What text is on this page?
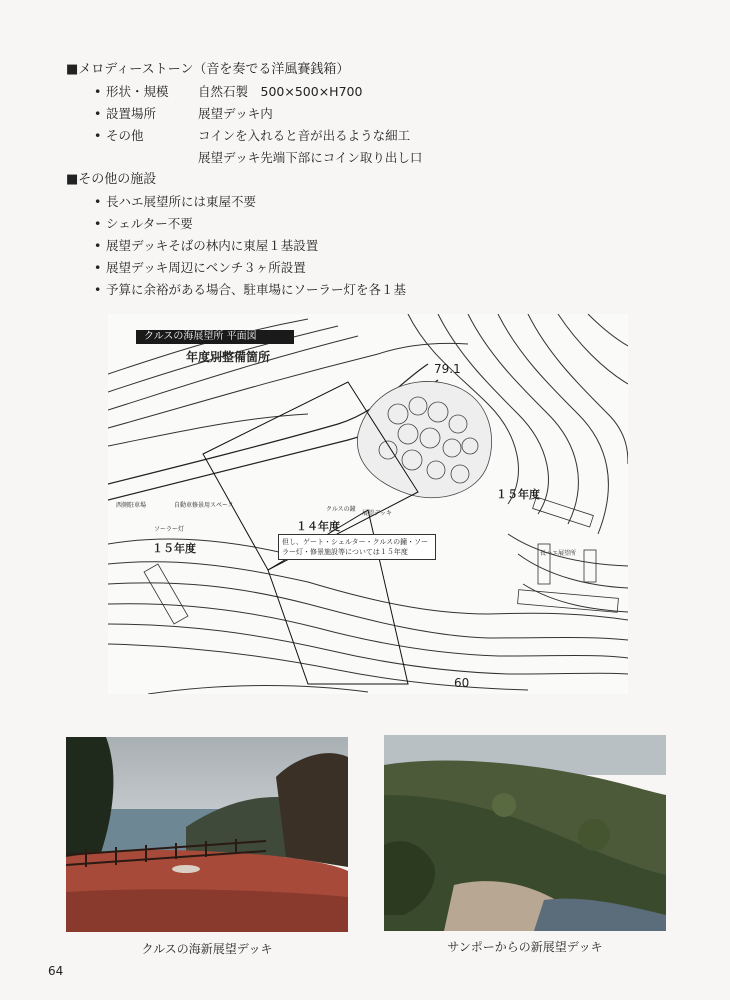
■メロディーストーン（音を奏でる洋風賽銭箱）
• 形状・規模 自然石製　500×500×H700
• 設置場所	展望デッキ内
• その他	コインを入れると音が出るような細工
展望デッキ先端下部にコイン取り出し口
■その他の施設
• 長ハエ展望所には東屋不要
• シェルター不要
• 展望デッキそばの林内に東屋１基設置
• 展望デッキ周辺にベンチ３ヶ所設置
• 予算に余裕がある場合、駐車場にソーラー灯を各１基
クルスの海展望所 平面図
年度別整備箇所
79.1
60
１４年度
１５年度
１５年度
但し、ゲート・シェルター・クルスの鐘・ソーラー灯・修景施設等については１５年度
西側駐車場	自動車修景用スペース
ソーラー灯
クルスの鐘
展望デッキ
長ハエ展望所
クルスの海新展望デッキ	サンポーからの新展望デッキ
64
